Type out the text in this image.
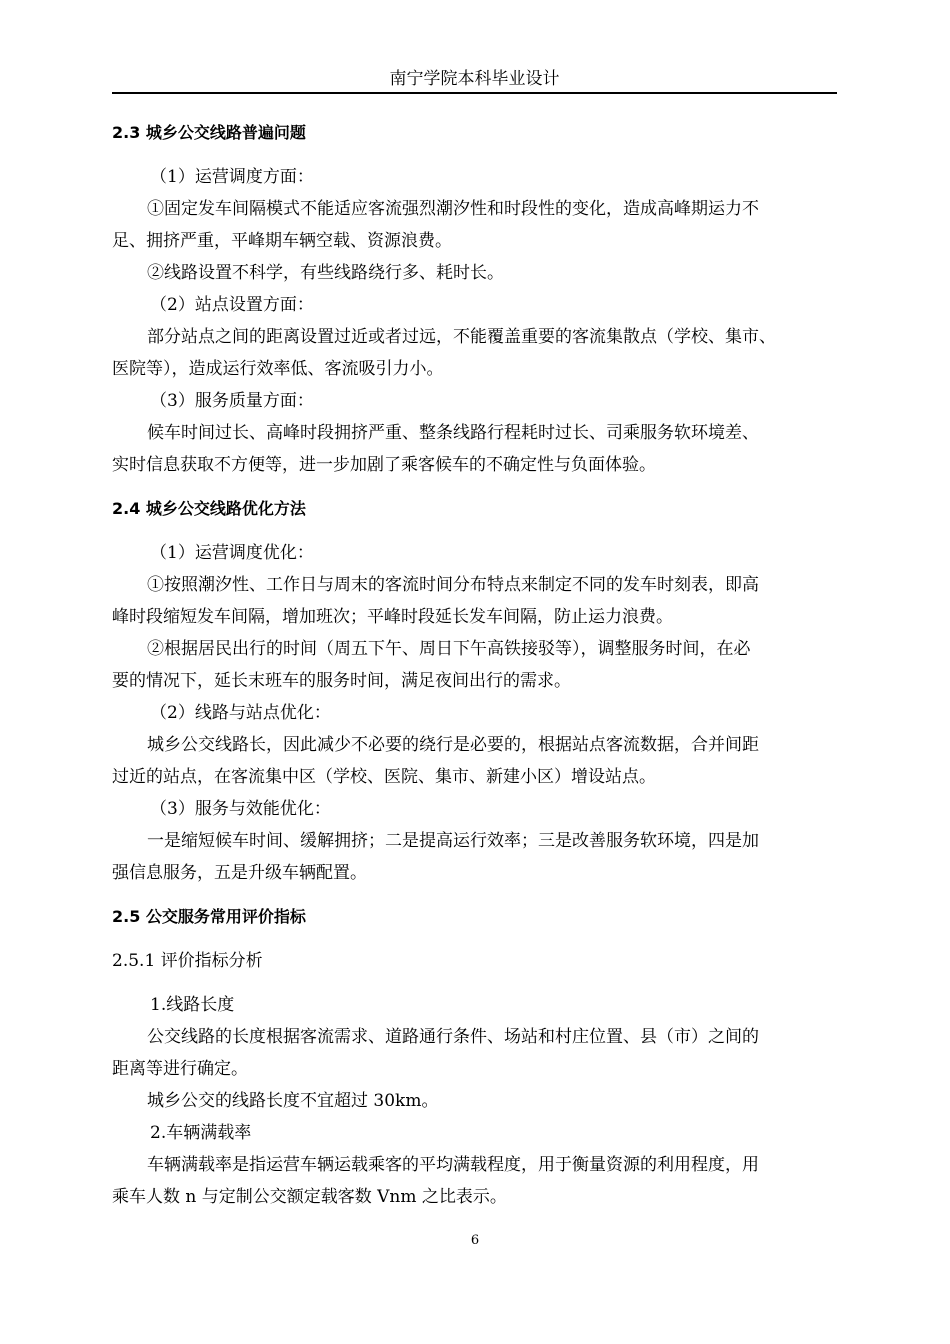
南宁学院本科毕业设计
2.3 城乡公交线路普遍问题
（1）运营调度方面：
①固定发车间隔模式不能适应客流强烈潮汐性和时段性的变化，造成高峰期运力不
足、拥挤严重，平峰期车辆空载、资源浪费。
②线路设置不科学，有些线路绕行多、耗时长。
（2）站点设置方面：
部分站点之间的距离设置过近或者过远，不能覆盖重要的客流集散点（学校、集市、
医院等），造成运行效率低、客流吸引力小。
（3）服务质量方面：
候车时间过长、高峰时段拥挤严重、整条线路行程耗时过长、司乘服务软环境差、
实时信息获取不方便等，进一步加剧了乘客候车的不确定性与负面体验。
2.4 城乡公交线路优化方法
（1）运营调度优化：
①按照潮汐性、工作日与周末的客流时间分布特点来制定不同的发车时刻表，即高
峰时段缩短发车间隔，增加班次；平峰时段延长发车间隔，防止运力浪费。
②根据居民出行的时间（周五下午、周日下午高铁接驳等），调整服务时间，在必
要的情况下，延长末班车的服务时间，满足夜间出行的需求。
（2）线路与站点优化：
城乡公交线路长，因此减少不必要的绕行是必要的，根据站点客流数据，合并间距
过近的站点，在客流集中区（学校、医院、集市、新建小区）增设站点。
（3）服务与效能优化：
一是缩短候车时间、缓解拥挤；二是提高运行效率；三是改善服务软环境，四是加
强信息服务，五是升级车辆配置。
2.5 公交服务常用评价指标
2.5.1 评价指标分析
1.线路长度
公交线路的长度根据客流需求、道路通行条件、场站和村庄位置、县（市）之间的
距离等进行确定。
城乡公交的线路长度不宜超过 30km。
2.车辆满载率
车辆满载率是指运营车辆运载乘客的平均满载程度，用于衡量资源的利用程度，用
乘车人数 n 与定制公交额定载客数 Vnm 之比表示。
6
